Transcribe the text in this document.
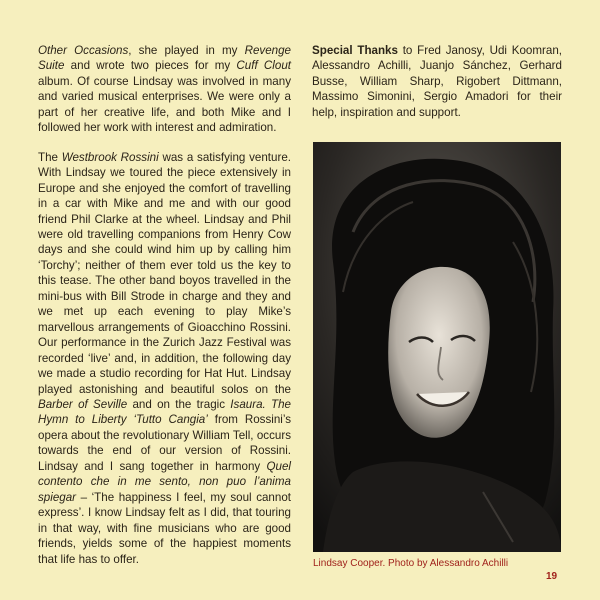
Other Occasions, she played in my Revenge Suite and wrote two pieces for my Cuff Clout album. Of course Lindsay was involved in many and varied musical enterprises. We were only a part of her creative life, and both Mike and I followed her work with interest and admiration.

The Westbrook Rossini was a satisfying venture. With Lindsay we toured the piece extensively in Europe and she enjoyed the comfort of travelling in a car with Mike and me and with our good friend Phil Clarke at the wheel. Lindsay and Phil were old travelling companions from Henry Cow days and she could wind him up by calling him ‘Torchy’; neither of them ever told us the key to this tease. The other band boyos travelled in the mini-bus with Bill Strode in charge and they and we met up each evening to play Mike’s marvellous arrangements of Gioacchino Rossini. Our performance in the Zurich Jazz Festival was recorded ‘live’ and, in addition, the following day we made a studio recording for Hat Hut. Lindsay played astonishing and beautiful solos on the Barber of Seville and on the tragic Isaura. The Hymn to Liberty ‘Tutto Cangia’ from Rossini’s opera about the revolutionary William Tell, occurs towards the end of our version of Rossini. Lindsay and I sang together in harmony Quel contento che in me sento, non puo l’anima spiegar – ‘The happiness I feel, my soul cannot express’. I know Lindsay felt as I did, that touring in that way, with fine musicians who are good friends, yields some of the happiest moments that life has to offer.

Special Thanks to Fred Janosy, Udi Koomran, Alessandro Achilli, Juanjo Sánchez, Gerhard Busse, William Sharp, Rigobert Dittmann, Massimo Simonini, Sergio Amadori for their help, inspiration and support.

Lindsay Cooper. Photo by Alessandro Achilli
19
